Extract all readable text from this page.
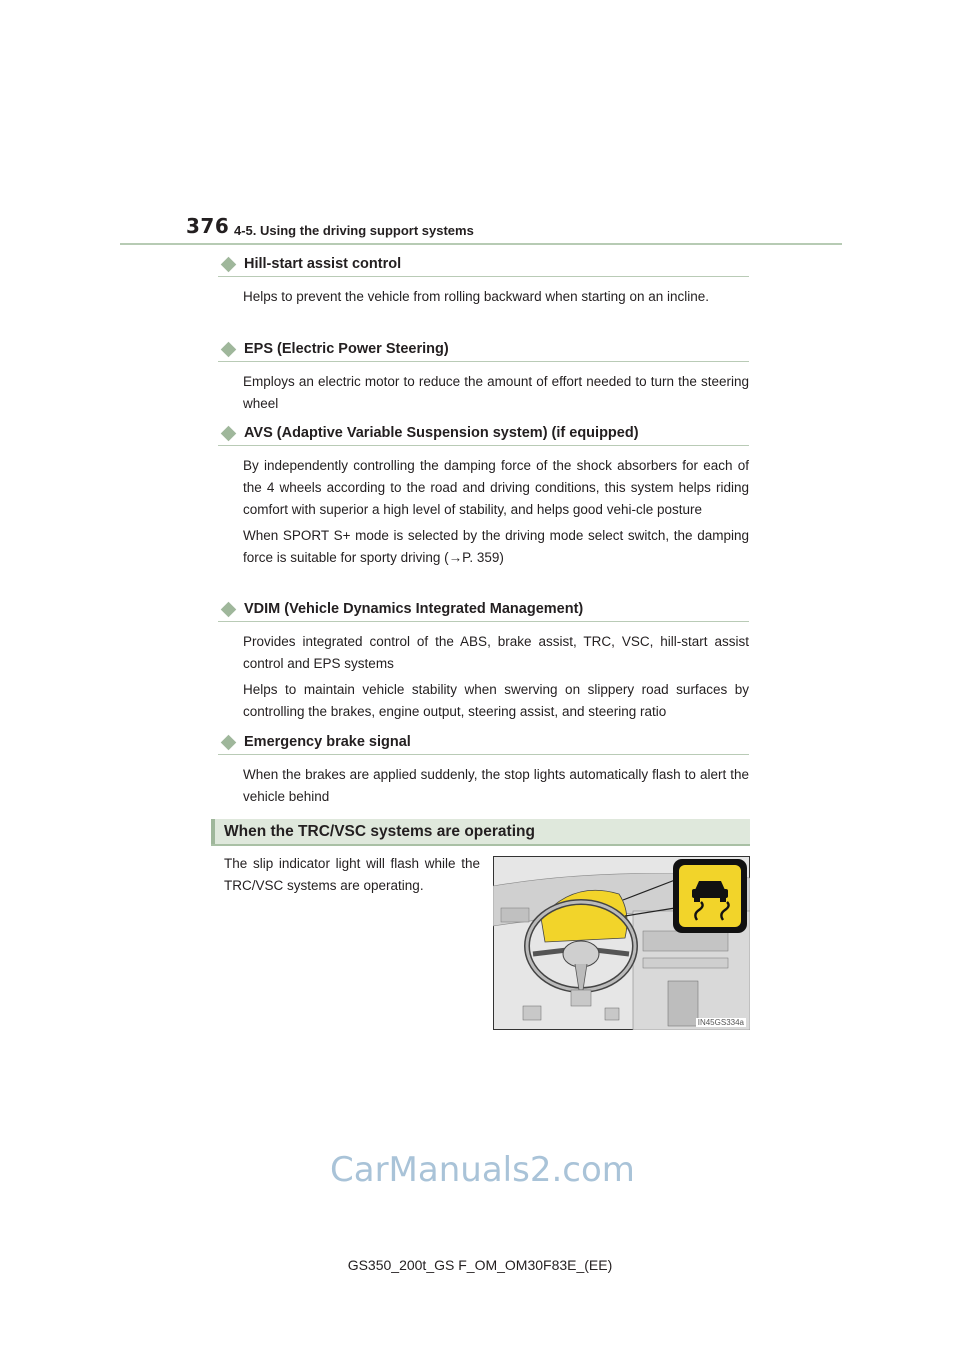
376 4-5. Using the driving support systems
Hill-start assist control
Helps to prevent the vehicle from rolling backward when starting on an incline.
EPS (Electric Power Steering)
Employs an electric motor to reduce the amount of effort needed to turn the steering wheel
AVS (Adaptive Variable Suspension system) (if equipped)
By independently controlling the damping force of the shock absorbers for each of the 4 wheels according to the road and driving conditions, this system helps riding comfort with superior a high level of stability, and helps good vehi-cle posture
When SPORT S+ mode is selected by the driving mode select switch, the damping force is suitable for sporty driving (→P. 359)
VDIM (Vehicle Dynamics Integrated Management)
Provides integrated control of the ABS, brake assist, TRC, VSC, hill-start assist control and EPS systems
Helps to maintain vehicle stability when swerving on slippery road surfaces by controlling the brakes, engine output, steering assist, and steering ratio
Emergency brake signal
When the brakes are applied suddenly, the stop lights automatically flash to alert the vehicle behind
When the TRC/VSC systems are operating
The slip indicator light will flash while the TRC/VSC systems are operating.
IN45GS334a
CarManuals2.com
GS350_200t_GS F_OM_OM30F83E_(EE)
